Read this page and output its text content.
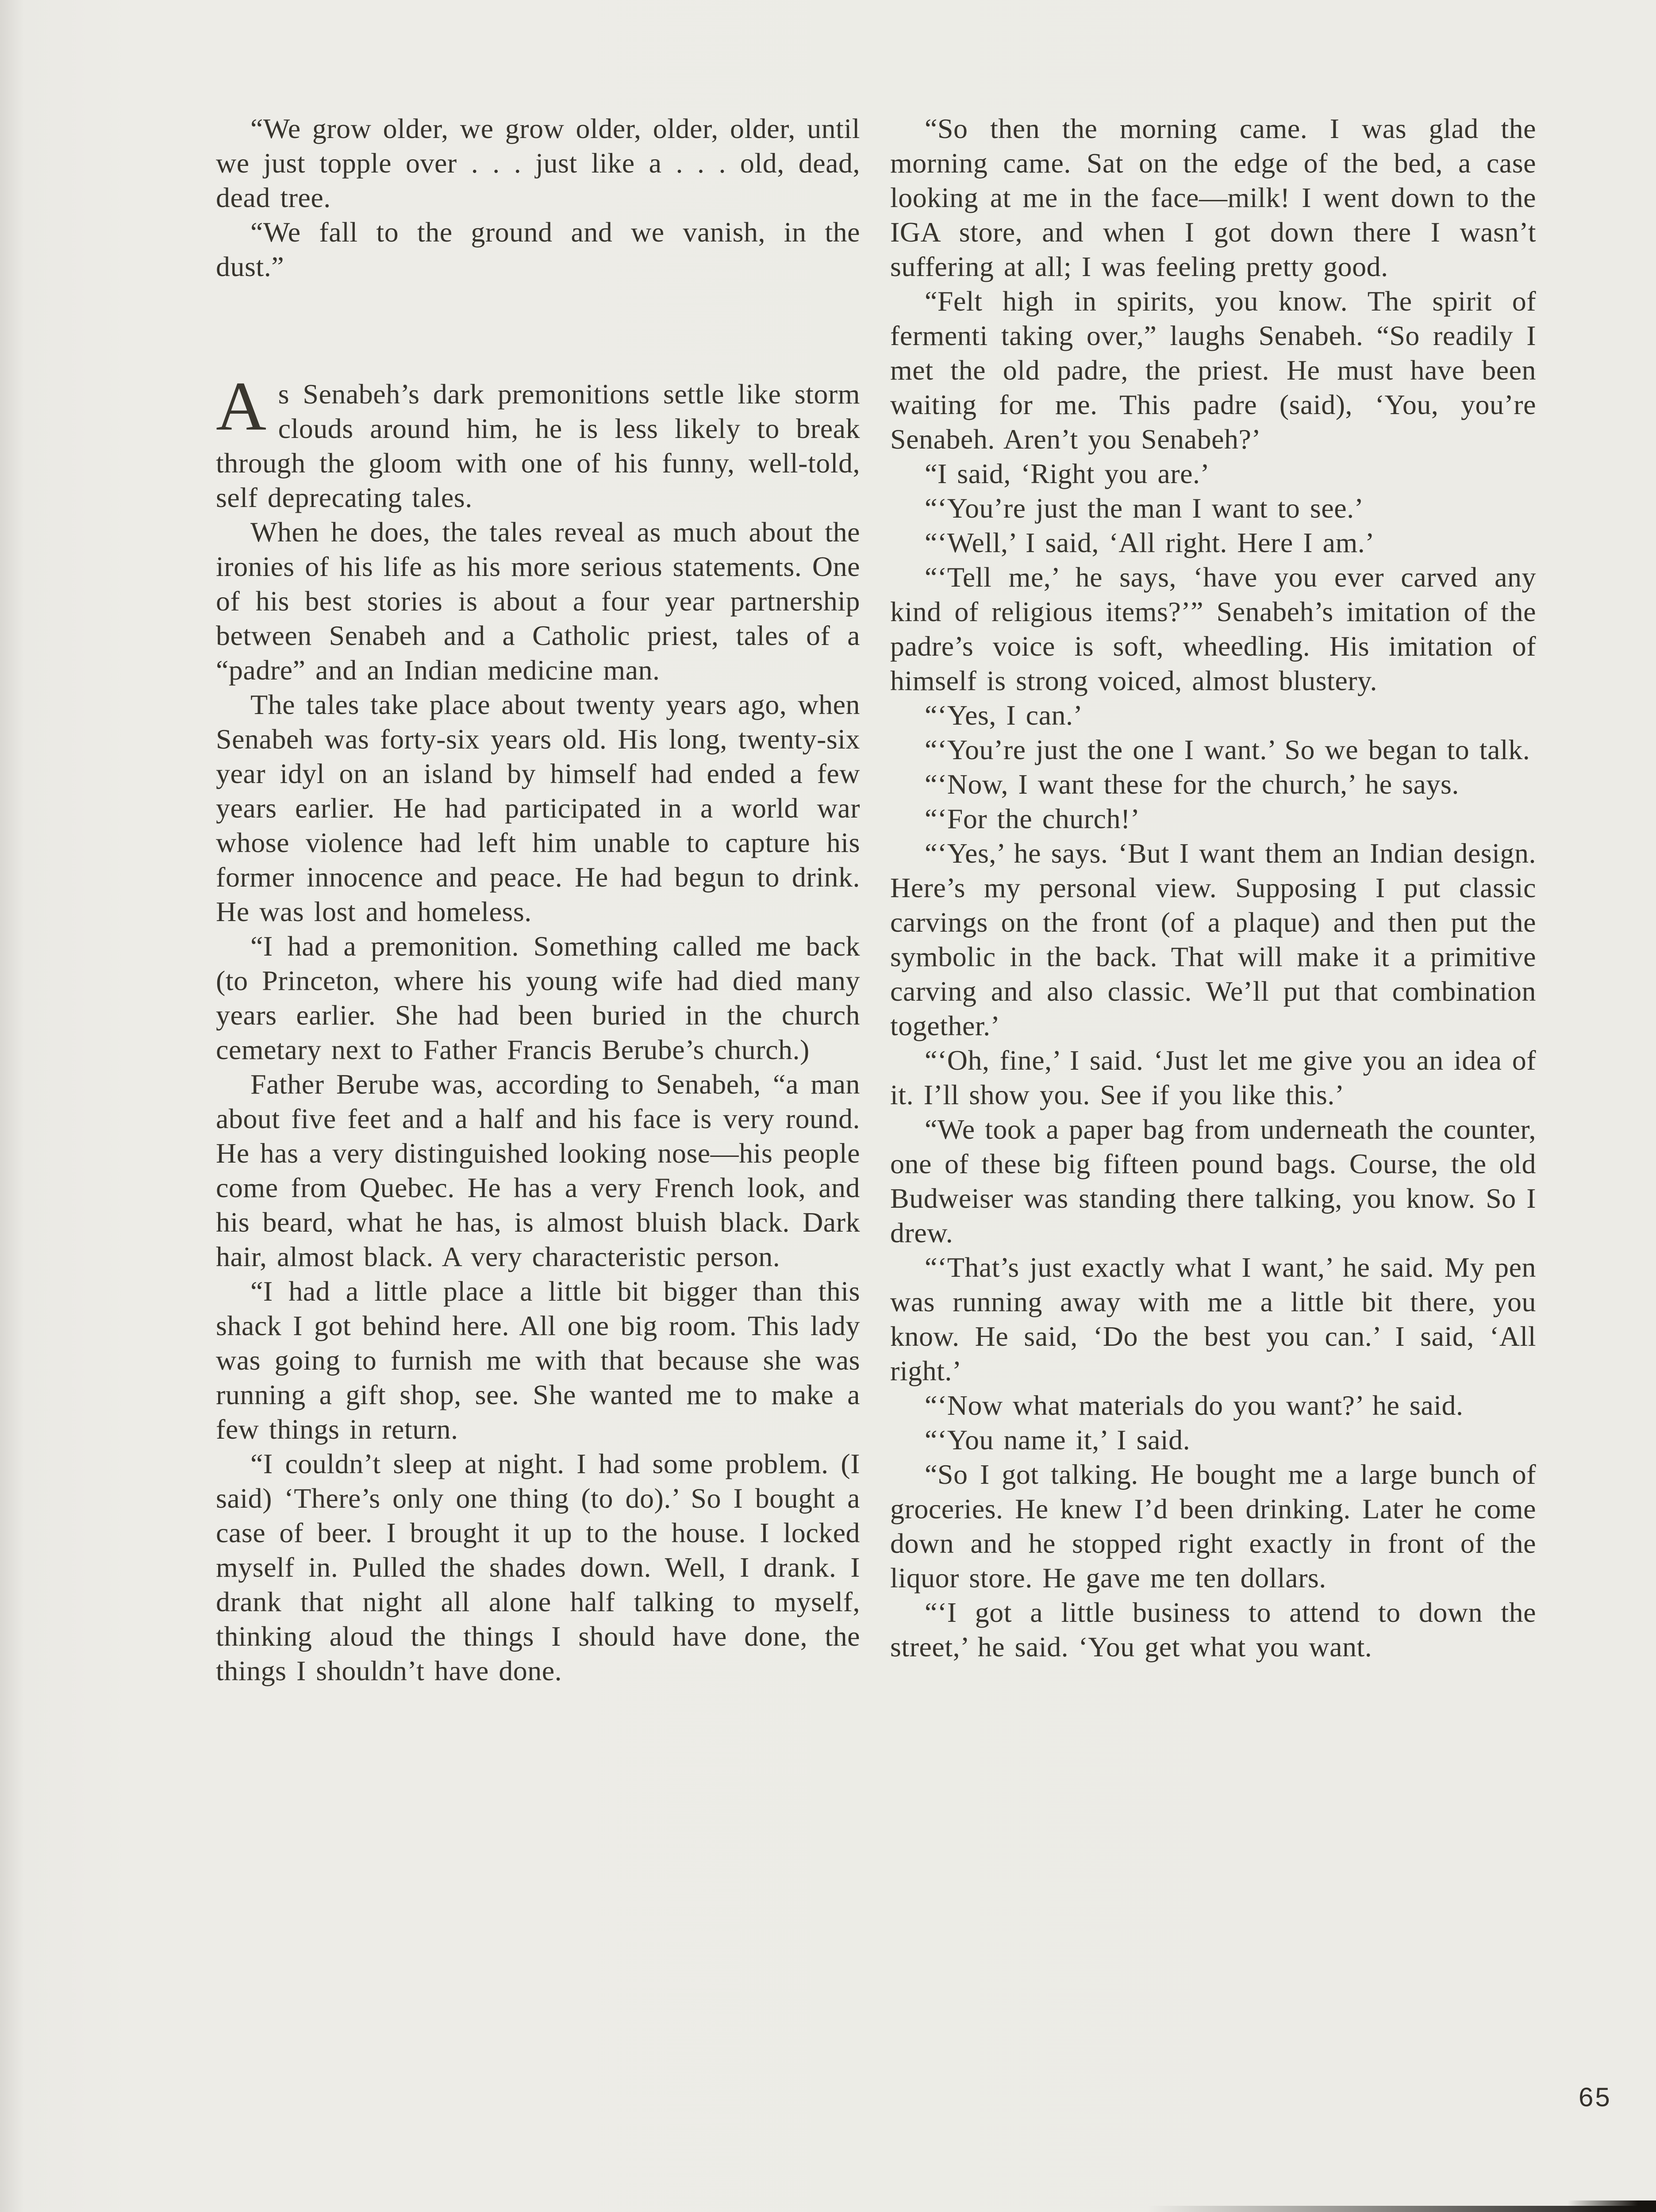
“We grow older, we grow older, older, older, until we just topple over . . . just like a . . . old, dead, dead tree.

“We fall to the ground and we vanish, in the dust.”

As Senabeh’s dark premonitions settle like storm clouds around him, he is less likely to break through the gloom with one of his funny, well-told, self deprecating tales.

When he does, the tales reveal as much about the ironies of his life as his more serious statements. One of his best stories is about a four year partnership between Senabeh and a Catholic priest, tales of a “padre” and an Indian medicine man.

The tales take place about twenty years ago, when Senabeh was forty-six years old. His long, twenty-six year idyl on an island by himself had ended a few years earlier. He had participated in a world war whose violence had left him unable to capture his former innocence and peace. He had begun to drink. He was lost and homeless.

“I had a premonition. Something called me back (to Princeton, where his young wife had died many years earlier. She had been buried in the church cemetary next to Father Francis Berube’s church.)

Father Berube was, according to Senabeh, “a man about five feet and a half and his face is very round. He has a very distinguished looking nose—his people come from Quebec. He has a very French look, and his beard, what he has, is almost bluish black. Dark hair, almost black. A very characteristic person.

“I had a little place a little bit bigger than this shack I got behind here. All one big room. This lady was going to furnish me with that because she was running a gift shop, see. She wanted me to make a few things in return.

“I couldn’t sleep at night. I had some problem. (I said) ‘There’s only one thing (to do).’ So I bought a case of beer. I brought it up to the house. I locked myself in. Pulled the shades down. Well, I drank. I drank that night all alone half talking to myself, thinking aloud the things I should have done, the things I shouldn’t have done.

“So then the morning came. I was glad the morning came. Sat on the edge of the bed, a case looking at me in the face—milk! I went down to the IGA store, and when I got down there I wasn’t suffering at all; I was feeling pretty good.

“Felt high in spirits, you know. The spirit of fermenti taking over,” laughs Senabeh. “So readily I met the old padre, the priest. He must have been waiting for me. This padre (said), ‘You, you’re Senabeh. Aren’t you Senabeh?’

“I said, ‘Right you are.’

“‘You’re just the man I want to see.’

“‘Well,’ I said, ‘All right. Here I am.’

“‘Tell me,’ he says, ‘have you ever carved any kind of religious items?’” Senabeh’s imitation of the padre’s voice is soft, wheedling. His imitation of himself is strong voiced, almost blustery.

“‘Yes, I can.’

“‘You’re just the one I want.’ So we began to talk.

“‘Now, I want these for the church,’ he says.

“‘For the church!’

“‘Yes,’ he says. ‘But I want them an Indian design. Here’s my personal view. Supposing I put classic carvings on the front (of a plaque) and then put the symbolic in the back. That will make it a primitive carving and also classic. We’ll put that combination together.’

“‘Oh, fine,’ I said. ‘Just let me give you an idea of it. I’ll show you. See if you like this.’

“We took a paper bag from underneath the counter, one of these big fifteen pound bags. Course, the old Budweiser was standing there talking, you know. So I drew.

“‘That’s just exactly what I want,’ he said. My pen was running away with me a little bit there, you know. He said, ‘Do the best you can.’ I said, ‘All right.’

“‘Now what materials do you want?’ he said.

“‘You name it,’ I said.

“So I got talking. He bought me a large bunch of groceries. He knew I’d been drinking. Later he come down and he stopped right exactly in front of the liquor store. He gave me ten dollars.

“‘I got a little business to attend to down the street,’ he said. ‘You get what you want.

65
